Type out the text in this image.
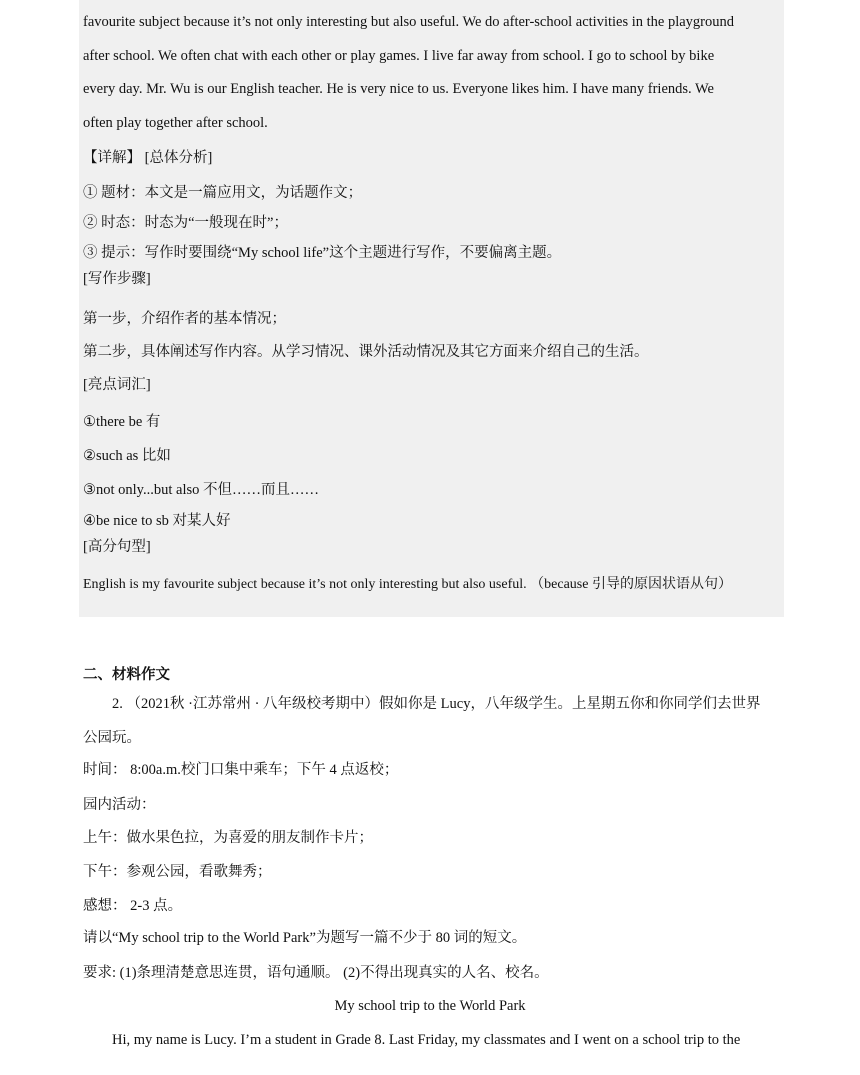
favourite subject because it’s not only interesting but also useful. We do after-school activities in the playground
after school. We often chat with each other or play games. I live far away from school. I go to school by bike
every day. Mr. Wu is our English teacher. He is very nice to us. Everyone likes him. I have many friends. We
often play together after school.
【详解】 [总体分析]
① 题材：本文是一篇应用文，为话题作文；
② 时态：时态为“一般现在时”；
③ 提示：写作时要围绕“My school life”这个主题进行写作，不要偏离主题。
[写作步骤]
第一步，介绍作者的基本情况；
第二步，具体阐述写作内容。从学习情况、课外活动情况及其它方面来介绍自己的生活。
[亮点词汇]
①there be 有
②such as 比如
③not only...but also 不但……而且……
④be nice to sb 对某人好
[高分句型]
English is my favourite subject because it’s not only interesting but also useful. （because 引导的原因状语从句）
二、材料作文
2. （2021秋 ·江苏常州 · 八年级校考期中）假如你是 Lucy，八年级学生。上星期五你和你同学们去世界
公园玩。
时间： 8:00a.m.校门口集中乘车；下午 4 点返校；
园内活动：
上午：做水果色拉，为喜爱的朋友制作卡片；
下午：参观公园，看歌舞秀；
感想： 2-3 点。
请以“My school trip to the World Park”为题写一篇不少于 80 词的短文。
要求: (1)条理清楚意思连贯，语句通顺。 (2)不得出现真实的人名、校名。
My school trip to the World Park
Hi, my name is Lucy. I’m a student in Grade 8. Last Friday, my classmates and I went on a school trip to the
